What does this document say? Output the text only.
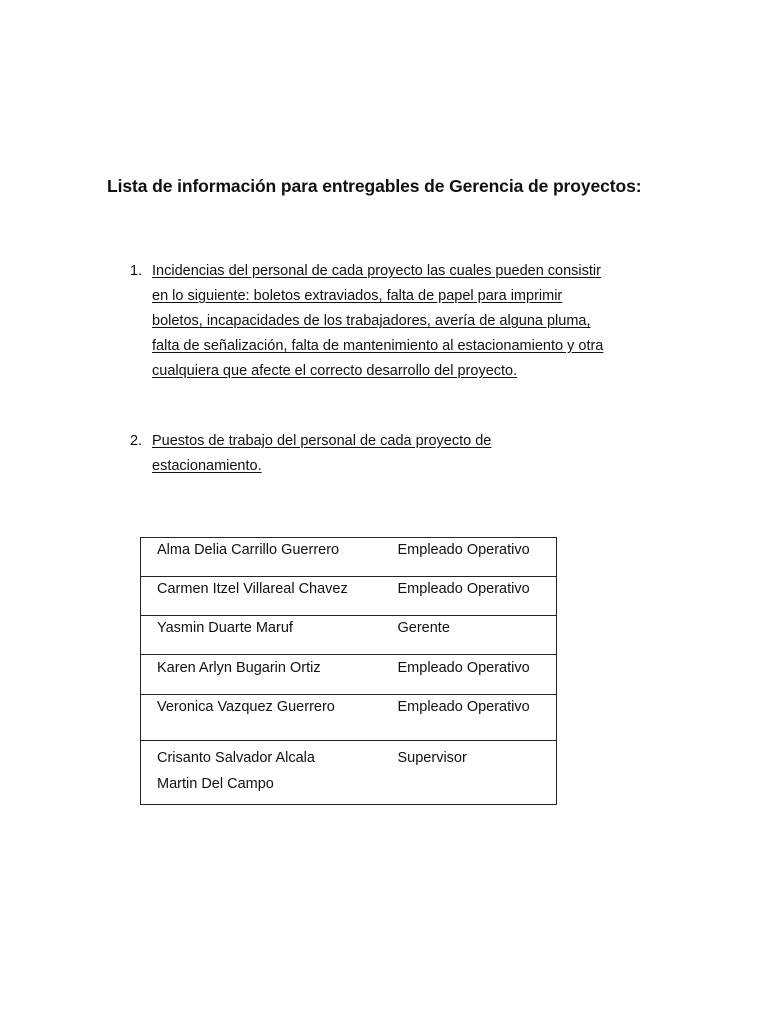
Lista de información para entregables de Gerencia de proyectos:
1. Incidencias del personal de cada proyecto las cuales pueden consistir
en lo siguiente: boletos extraviados, falta de papel para imprimir
boletos, incapacidades de los trabajadores, avería de alguna pluma,
falta de señalización, falta de mantenimiento al estacionamiento y otra
cualquiera que afecte el correcto desarrollo del proyecto.
2. Puestos de trabajo del personal de cada proyecto de
estacionamiento.
Alma Delia Carrillo Guerrero	Empleado Operativo

Carmen Itzel Villareal Chavez	Empleado Operativo

Yasmin Duarte Maruf	Gerente

Karen Arlyn Bugarin Ortiz	Empleado Operativo

Veronica Vazquez Guerrero	Empleado Operativo

Crisanto Salvador Alcala
Martin Del Campo	Supervisor
